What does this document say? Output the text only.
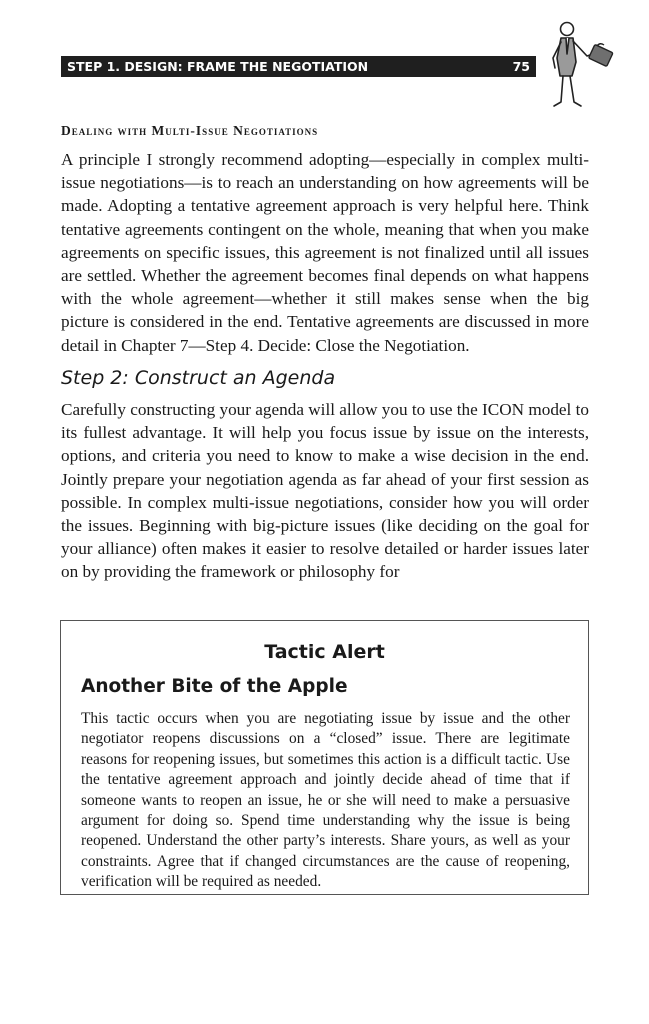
STEP 1. DESIGN: FRAME THE NEGOTIATION	75
Dealing with Multi-Issue Negotiations

A principle I strongly recommend adopting—especially in complex multi-issue negotiations—is to reach an understanding on how agreements will be made. Adopting a tentative agreement approach is very helpful here. Think tentative agreements contingent on the whole, meaning that when you make agreements on specific issues, this agreement is not finalized until all issues are settled. Whether the agreement becomes final depends on what happens with the whole agreement—whether it still makes sense when the big picture is considered in the end. Tentative agreements are discussed in more detail in Chapter 7—Step 4. Decide: Close the Negotiation.

Step 2: Construct an Agenda

Carefully constructing your agenda will allow you to use the ICON model to its fullest advantage. It will help you focus issue by issue on the interests, options, and criteria you need to know to make a wise decision in the end. Jointly prepare your negotiation agenda as far ahead of your first session as possible. In complex multi-issue negotiations, consider how you will order the issues. Beginning with big-picture issues (like deciding on the goal for your alliance) often makes it easier to resolve detailed or harder issues later on by providing the framework or philosophy for

Tactic Alert
Another Bite of the Apple

This tactic occurs when you are negotiating issue by issue and the other negotiator reopens discussions on a “closed” issue. There are legitimate reasons for reopening issues, but sometimes this action is a difficult tactic. Use the tentative agreement approach and jointly decide ahead of time that if someone wants to reopen an issue, he or she will need to make a persuasive argument for doing so. Spend time understanding why the issue is being reopened. Understand the other party’s interests. Share yours, as well as your constraints. Agree that if changed circumstances are the cause of reopening, verification will be required as needed.
